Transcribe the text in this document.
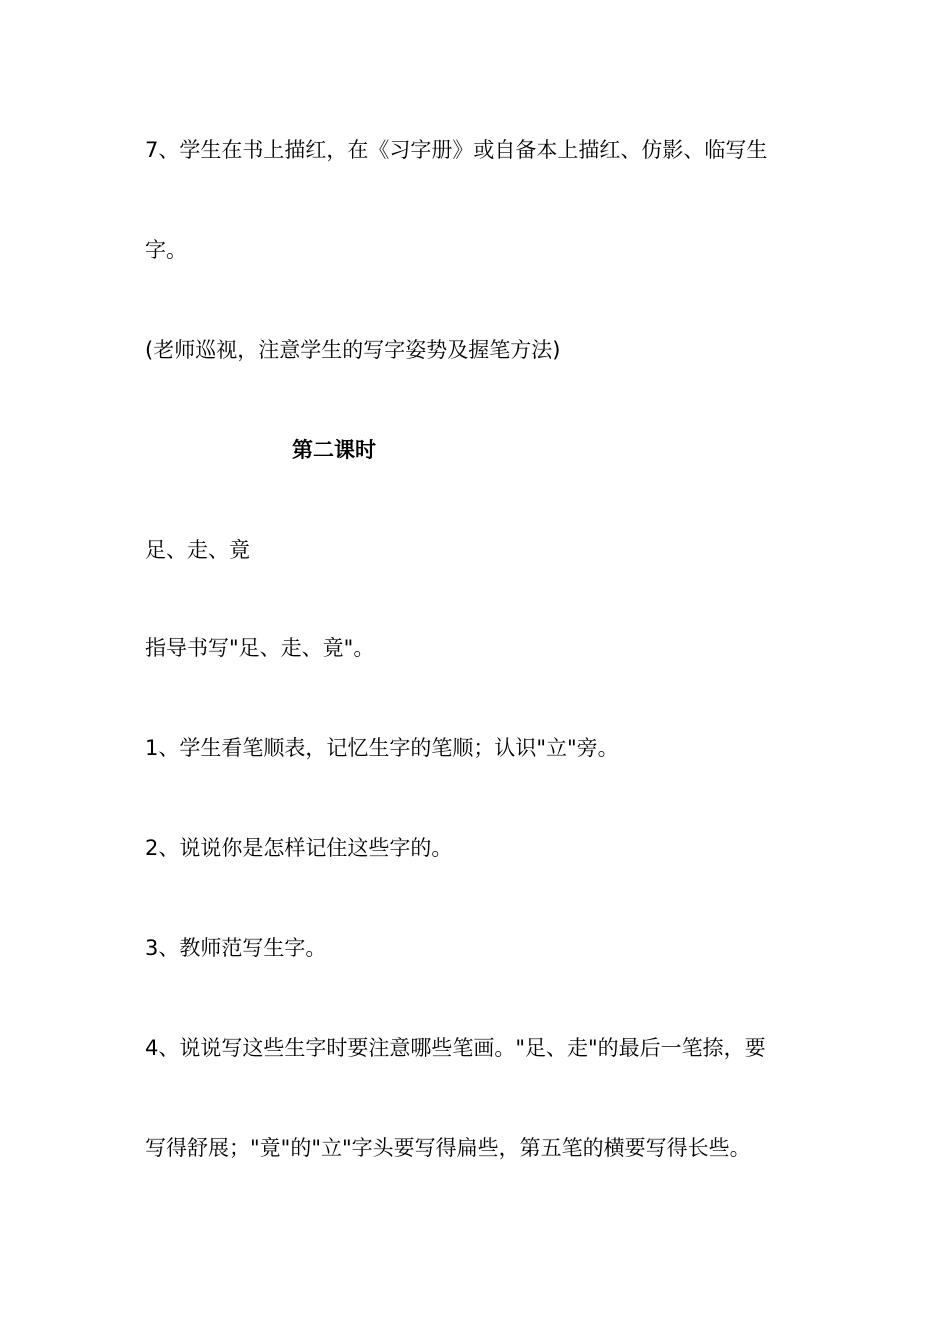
7、学生在书上描红，在《习字册》或自备本上描红、仿影、临写生
字。
(老师巡视，注意学生的写字姿势及握笔方法)
第二课时
足、走、竟
指导书写"足、走、竟"。
1、学生看笔顺表，记忆生字的笔顺；认识"立"旁。
2、说说你是怎样记住这些字的。
3、教师范写生字。
4、说说写这些生字时要注意哪些笔画。"足、走"的最后一笔捺，要
写得舒展；"竟"的"立"字头要写得扁些，第五笔的横要写得长些。
